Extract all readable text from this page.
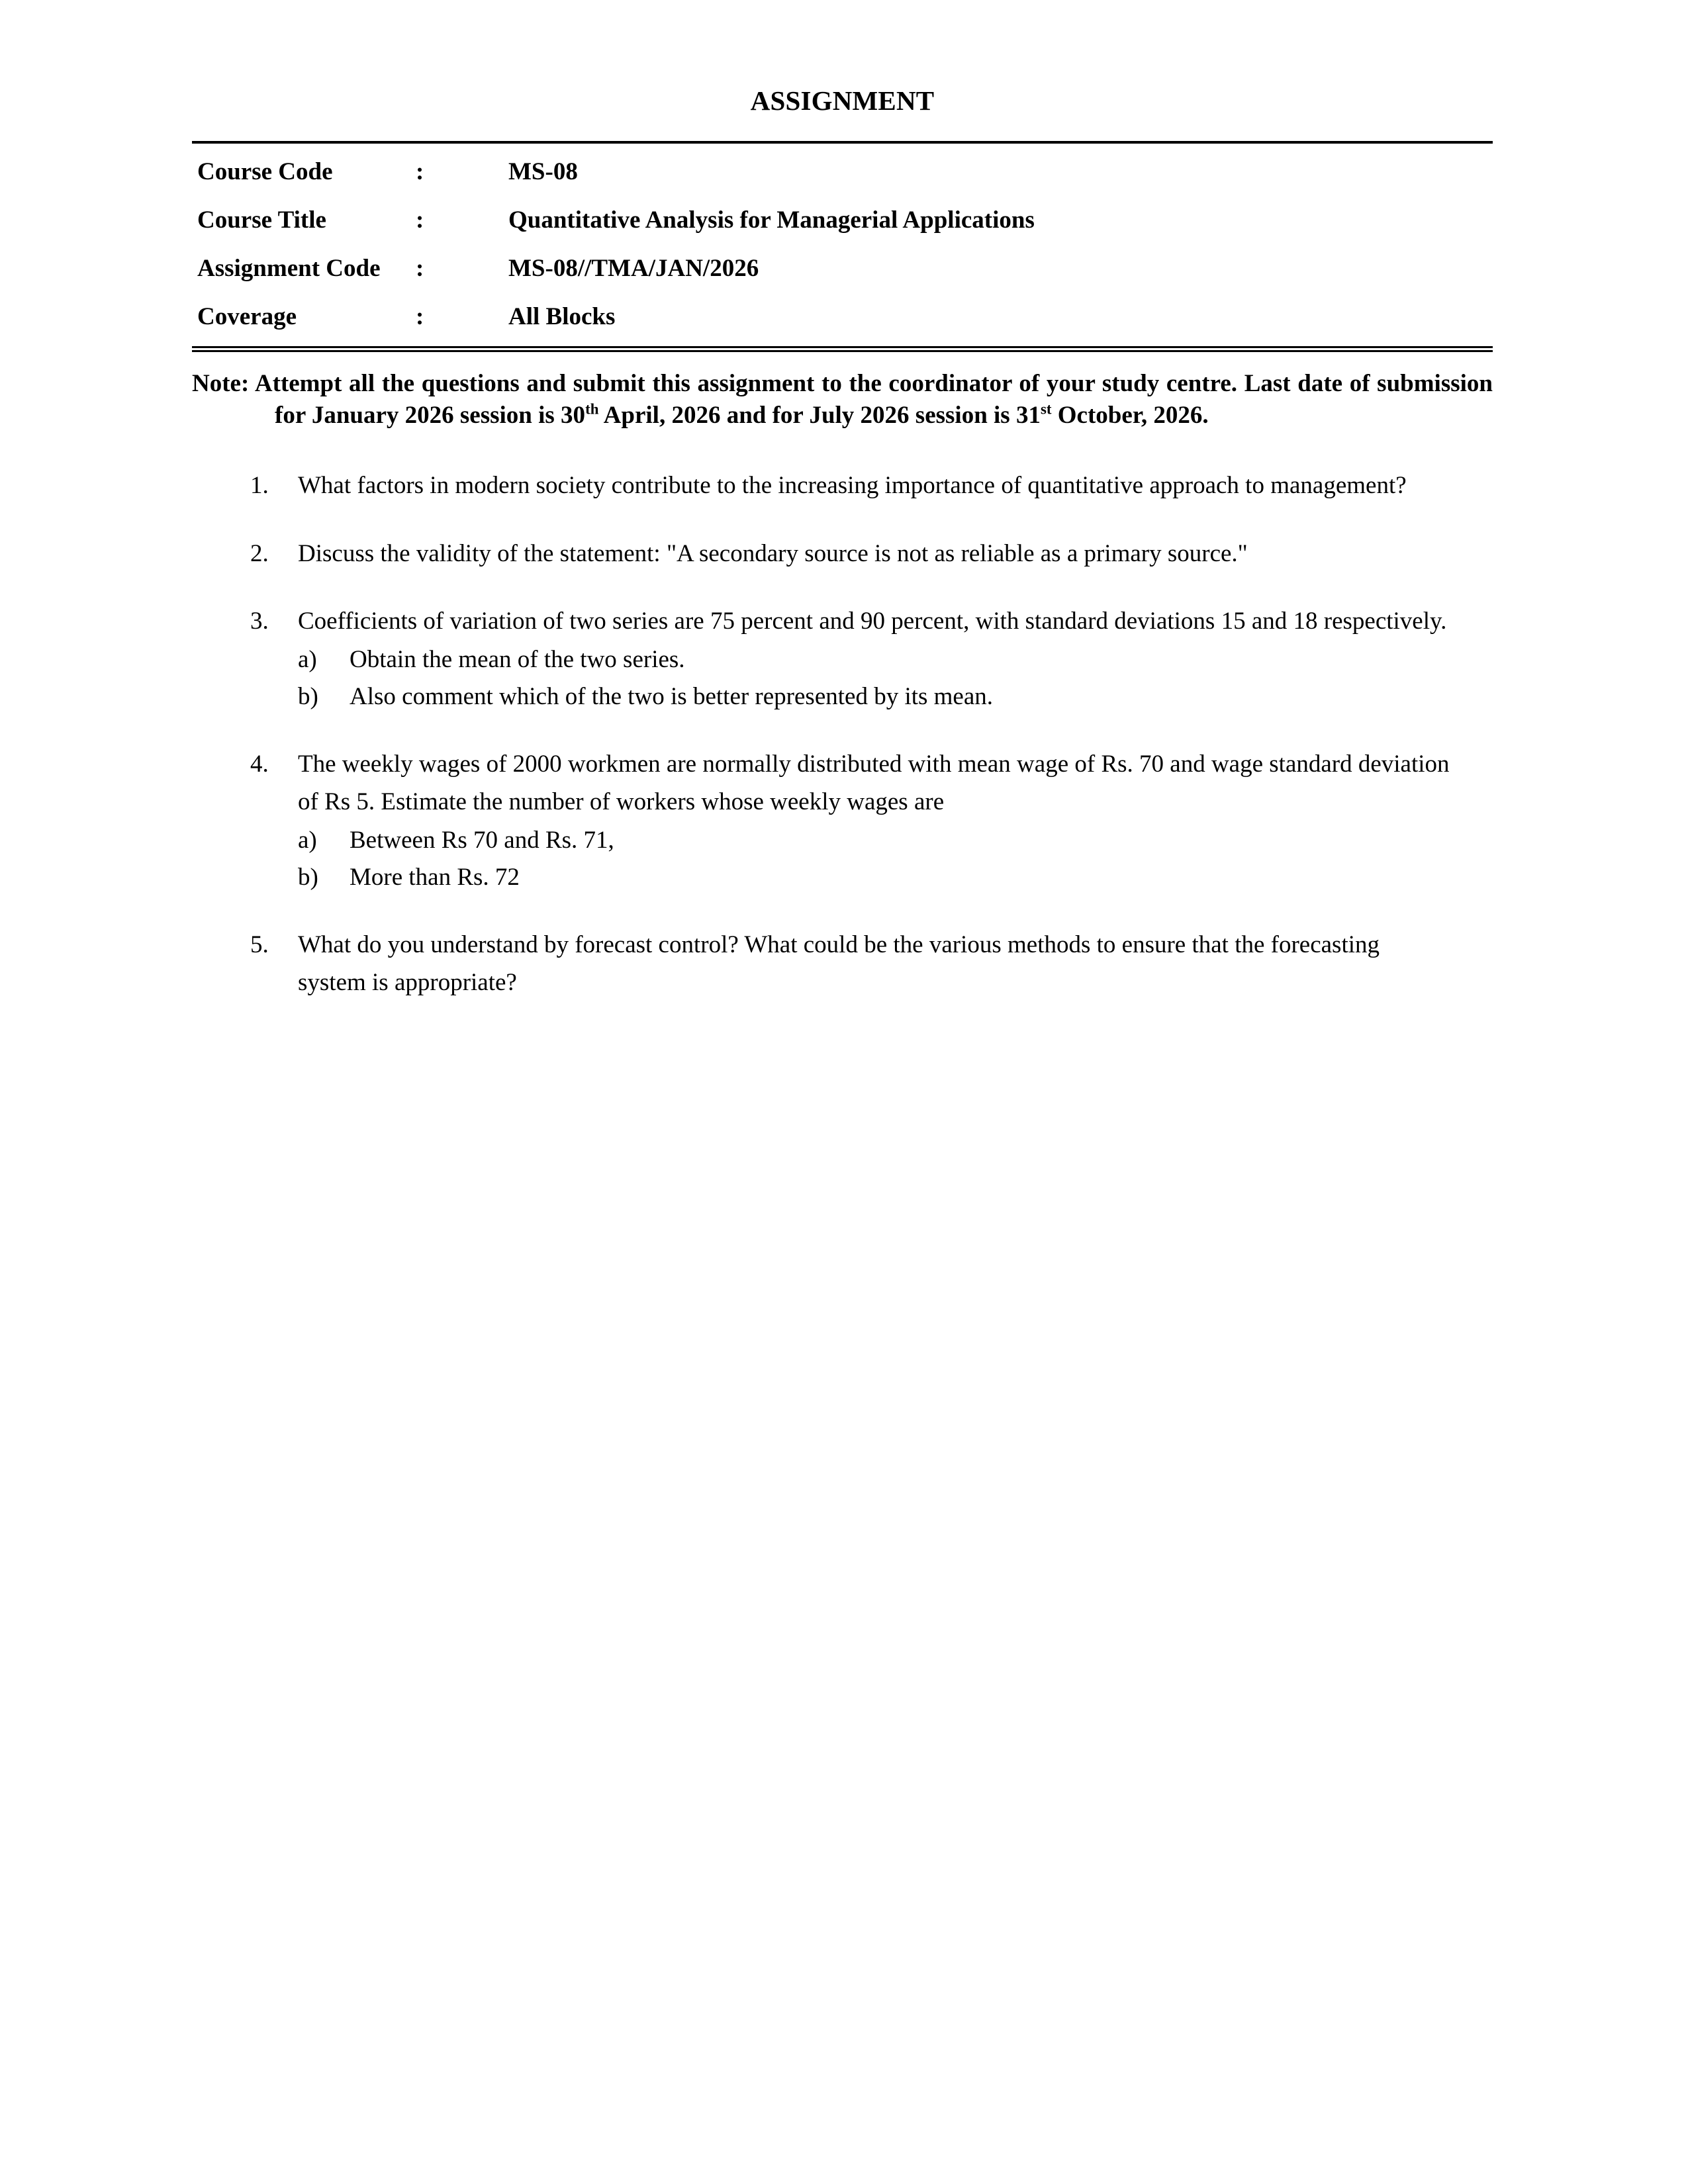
ASSIGNMENT
Course Code	:	MS-08
Course Title	:	Quantitative Analysis for Managerial Applications
Assignment Code	:	MS-08//TMA/JAN/2026
Coverage	:	All Blocks

Note: Attempt all the questions and submit this assignment to the coordinator of your study centre. Last date of submission for January 2026 session is 30th April, 2026 and for July 2026 session is 31st October, 2026.

1.	What factors in modern society contribute to the increasing importance of quantitative approach to management?
2.	Discuss the validity of the statement: "A secondary source is not as reliable as a primary source."
3.	Coefficients of variation of two series are 75 percent and 90 percent, with standard deviations 15 and 18 respectively.
a)	Obtain the mean of the two series.
b)	Also comment which of the two is better represented by its mean.
4.	The weekly wages of 2000 workmen are normally distributed with mean wage of Rs. 70 and wage standard deviation of Rs 5. Estimate the number of workers whose weekly wages are
a)	Between Rs 70 and Rs. 71,
b)	More than Rs. 72
5.	What do you understand by forecast control? What could be the various methods to ensure that the forecasting system is appropriate?
